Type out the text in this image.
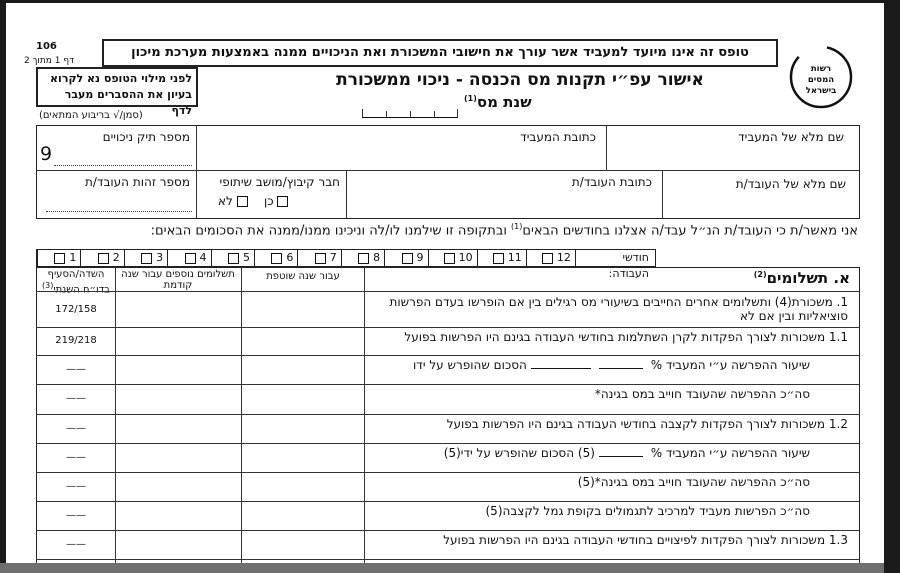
106
דף 1 מתוך 2
טופס זה אינו מיועד למעביד אשר עורך את חישובי המשכורת ואת הניכויים ממנה באמצעות מערכת מיכון
רשות
המסים
בישראל
לפני מילוי הטופס נא לקרוא בעיון את ההסברים מעבר לדף
אישור עפ״י תקנות מס הכנסה - ניכוי ממשכורת
שנת מס$^{(1)}$
(סמן/√ בריבוע המתאים)
שם מלא של המעביד
כתובת המעביד
מספר תיק ניכויים
9
שם מלא של העובד/ת
כתובת העובד/ת
חבר קיבוץ/מושב שיתופי
כן
לא
מספר זהות העובד/ת
אני מאשר/ת כי העובד/ת הנ״ל עבד/ה אצלנו בחודשים הבאים$^{(1)}$ ובתקופה זו שילמנו לו/לה וניכינו ממנו/ממנה את הסכומים הבאים:
חודשי העבודה:
12
11
10
9
8
7
6
5
4
3
2
1
השדה/הסעיף בדו״ח השנתי$^{(3)}$
תשלומים נוספים עבור שנה קודמת
עבור שנה שוטפת	א. תשלומים$^{(2)}$
1. משכורת(4) ותשלומים אחרים החייבים בשיעורי מס רגילים בין אם הופרשו בעדם הפרשות סוציאליות ובין אם לא
172/158
1.1 משכורות לצורך הפקדות לקרן השתלמות בחודשי העבודה בגינם היו הפרשות בפועל
219/218
שיעור ההפרשה ע״י המעביד % הסכום שהופרש על ידו
——
סה״כ ההפרשה שהעובד חוייב במס בגינה*
——
1.2 משכורות לצורך הפקדות לקצבה בחודשי העבודה בגינם היו הפרשות בפועל
——
שיעור ההפרשה ע״י המעביד % (5) הסכום שהופרש על ידי(5)
——
סה״כ ההפרשה שהעובד חוייב במס בגינה*(5)
——
סה״כ הפרשות מעביד למרכיב לתגמולים בקופת גמל לקצבה(5)
——
1.3 משכורות לצורך הפקדות לפיצויים בחודשי העבודה בגינם היו הפרשות בפועל
——
